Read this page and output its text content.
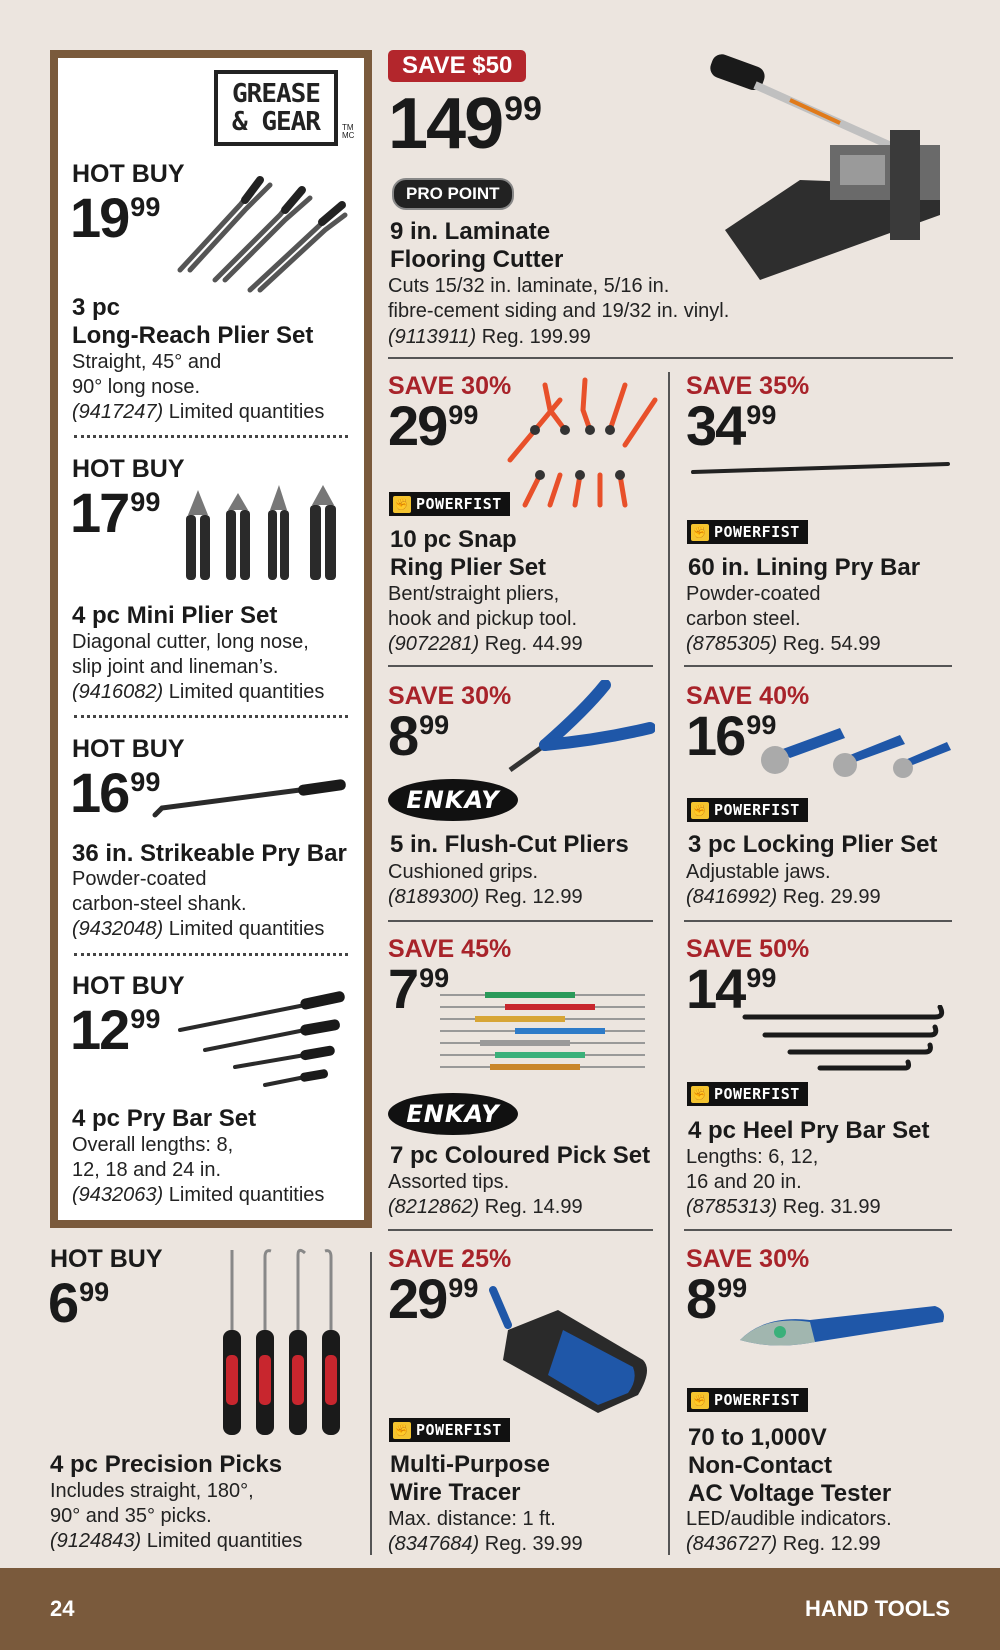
GREASE & GEAR	TM MC
HOT BUY
$19^{99}$
3 pc
Long-Reach Plier Set
Straight, 45° and
90° long nose.
(9417247) Limited quantities
HOT BUY
$17^{99}$
4 pc Mini Plier Set
Diagonal cutter, long nose,
slip joint and lineman’s.
(9416082) Limited quantities
HOT BUY
$16^{99}$
36 in. Strikeable Pry Bar
Powder-coated
carbon-steel shank.
(9432048) Limited quantities
HOT BUY
$12^{99}$
4 pc Pry Bar Set
Overall lengths: 8,
12, 18 and 24 in.
(9432063) Limited quantities
HOT BUY
$6^{99}$
4 pc Precision Picks
Includes straight, 180°,
90° and 35° picks.
(9124843) Limited quantities
SAVE $50
$149^{99}$
PRO POINT
9 in. Laminate
Flooring Cutter
Cuts 15/32 in. laminate, 5/16 in.
fibre-cement siding and 19/32 in. vinyl.
(9113911) Reg. 199.99
SAVE 30%
$29^{99}$
✊ POWERFIST
10 pc Snap
Ring Plier Set
Bent/straight pliers,
hook and pickup tool.
(9072281) Reg. 44.99
SAVE 30%
$8^{99}$
ENKAY
5 in. Flush-Cut Pliers
Cushioned grips.
(8189300) Reg. 12.99
SAVE 45%
$7^{99}$
ENKAY
7 pc Coloured Pick Set
Assorted tips.
(8212862) Reg. 14.99
SAVE 25%
$29^{99}$
✊ POWERFIST
Multi-Purpose
Wire Tracer
Max. distance: 1 ft.
(8347684) Reg. 39.99
SAVE 35%
$34^{99}$
✊ POWERFIST
60 in. Lining Pry Bar
Powder-coated
carbon steel.
(8785305) Reg. 54.99
SAVE 40%
$16^{99}$
✊ POWERFIST
3 pc Locking Plier Set
Adjustable jaws.
(8416992) Reg. 29.99
SAVE 50%
$14^{99}$
✊ POWERFIST
4 pc Heel Pry Bar Set
Lengths: 6, 12,
16 and 20 in.
(8785313) Reg. 31.99
SAVE 30%
$8^{99}$
✊ POWERFIST
70 to 1,000V
Non-Contact
AC Voltage Tester
LED/audible indicators.
(8436727) Reg. 12.99
24	HAND TOOLS
